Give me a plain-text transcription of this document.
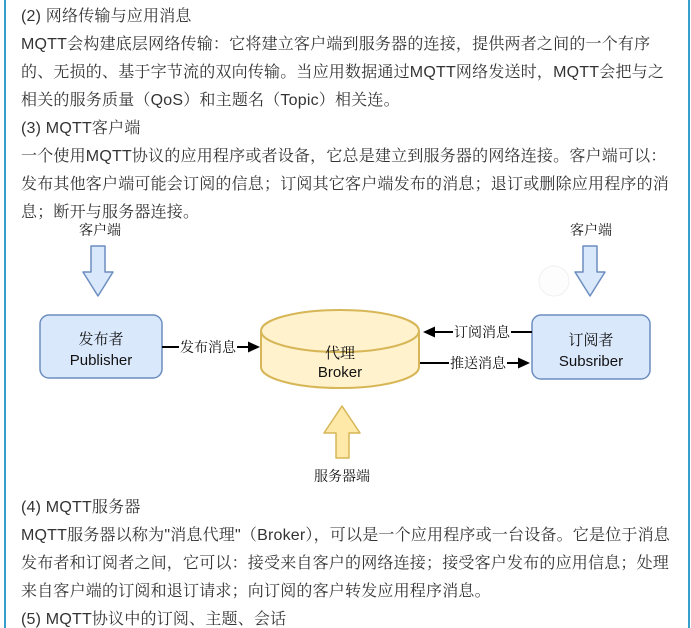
(2) 网络传输与应用消息
MQTT会构建底层网络传输：它将建立客户端到服务器的连接，提供两者之间的一个有序的、无损的、基于字节流的双向传输。当应用数据通过MQTT网络发送时，MQTT会把与之相关的服务质量（QoS）和主题名（Topic）相关连。
(3) MQTT客户端
一个使用MQTT协议的应用程序或者设备，它总是建立到服务器的网络连接。客户端可以：发布其他客户端可能会订阅的信息；订阅其它客户端发布的消息；退订或删除应用程序的消息；断开与服务器连接。
客户端	客户端
发布者
Publisher	代理
Broker
订阅者
Subsriber
发布消息
订阅消息
推送消息
服务器端
(4) MQTT服务器
MQTT服务器以称为"消息代理"（Broker），可以是一个应用程序或一台设备。它是位于消息发布者和订阅者之间，它可以：接受来自客户的网络连接；接受客户发布的应用信息；处理来自客户端的订阅和退订请求；向订阅的客户转发应用程序消息。
(5) MQTT协议中的订阅、主题、会话
